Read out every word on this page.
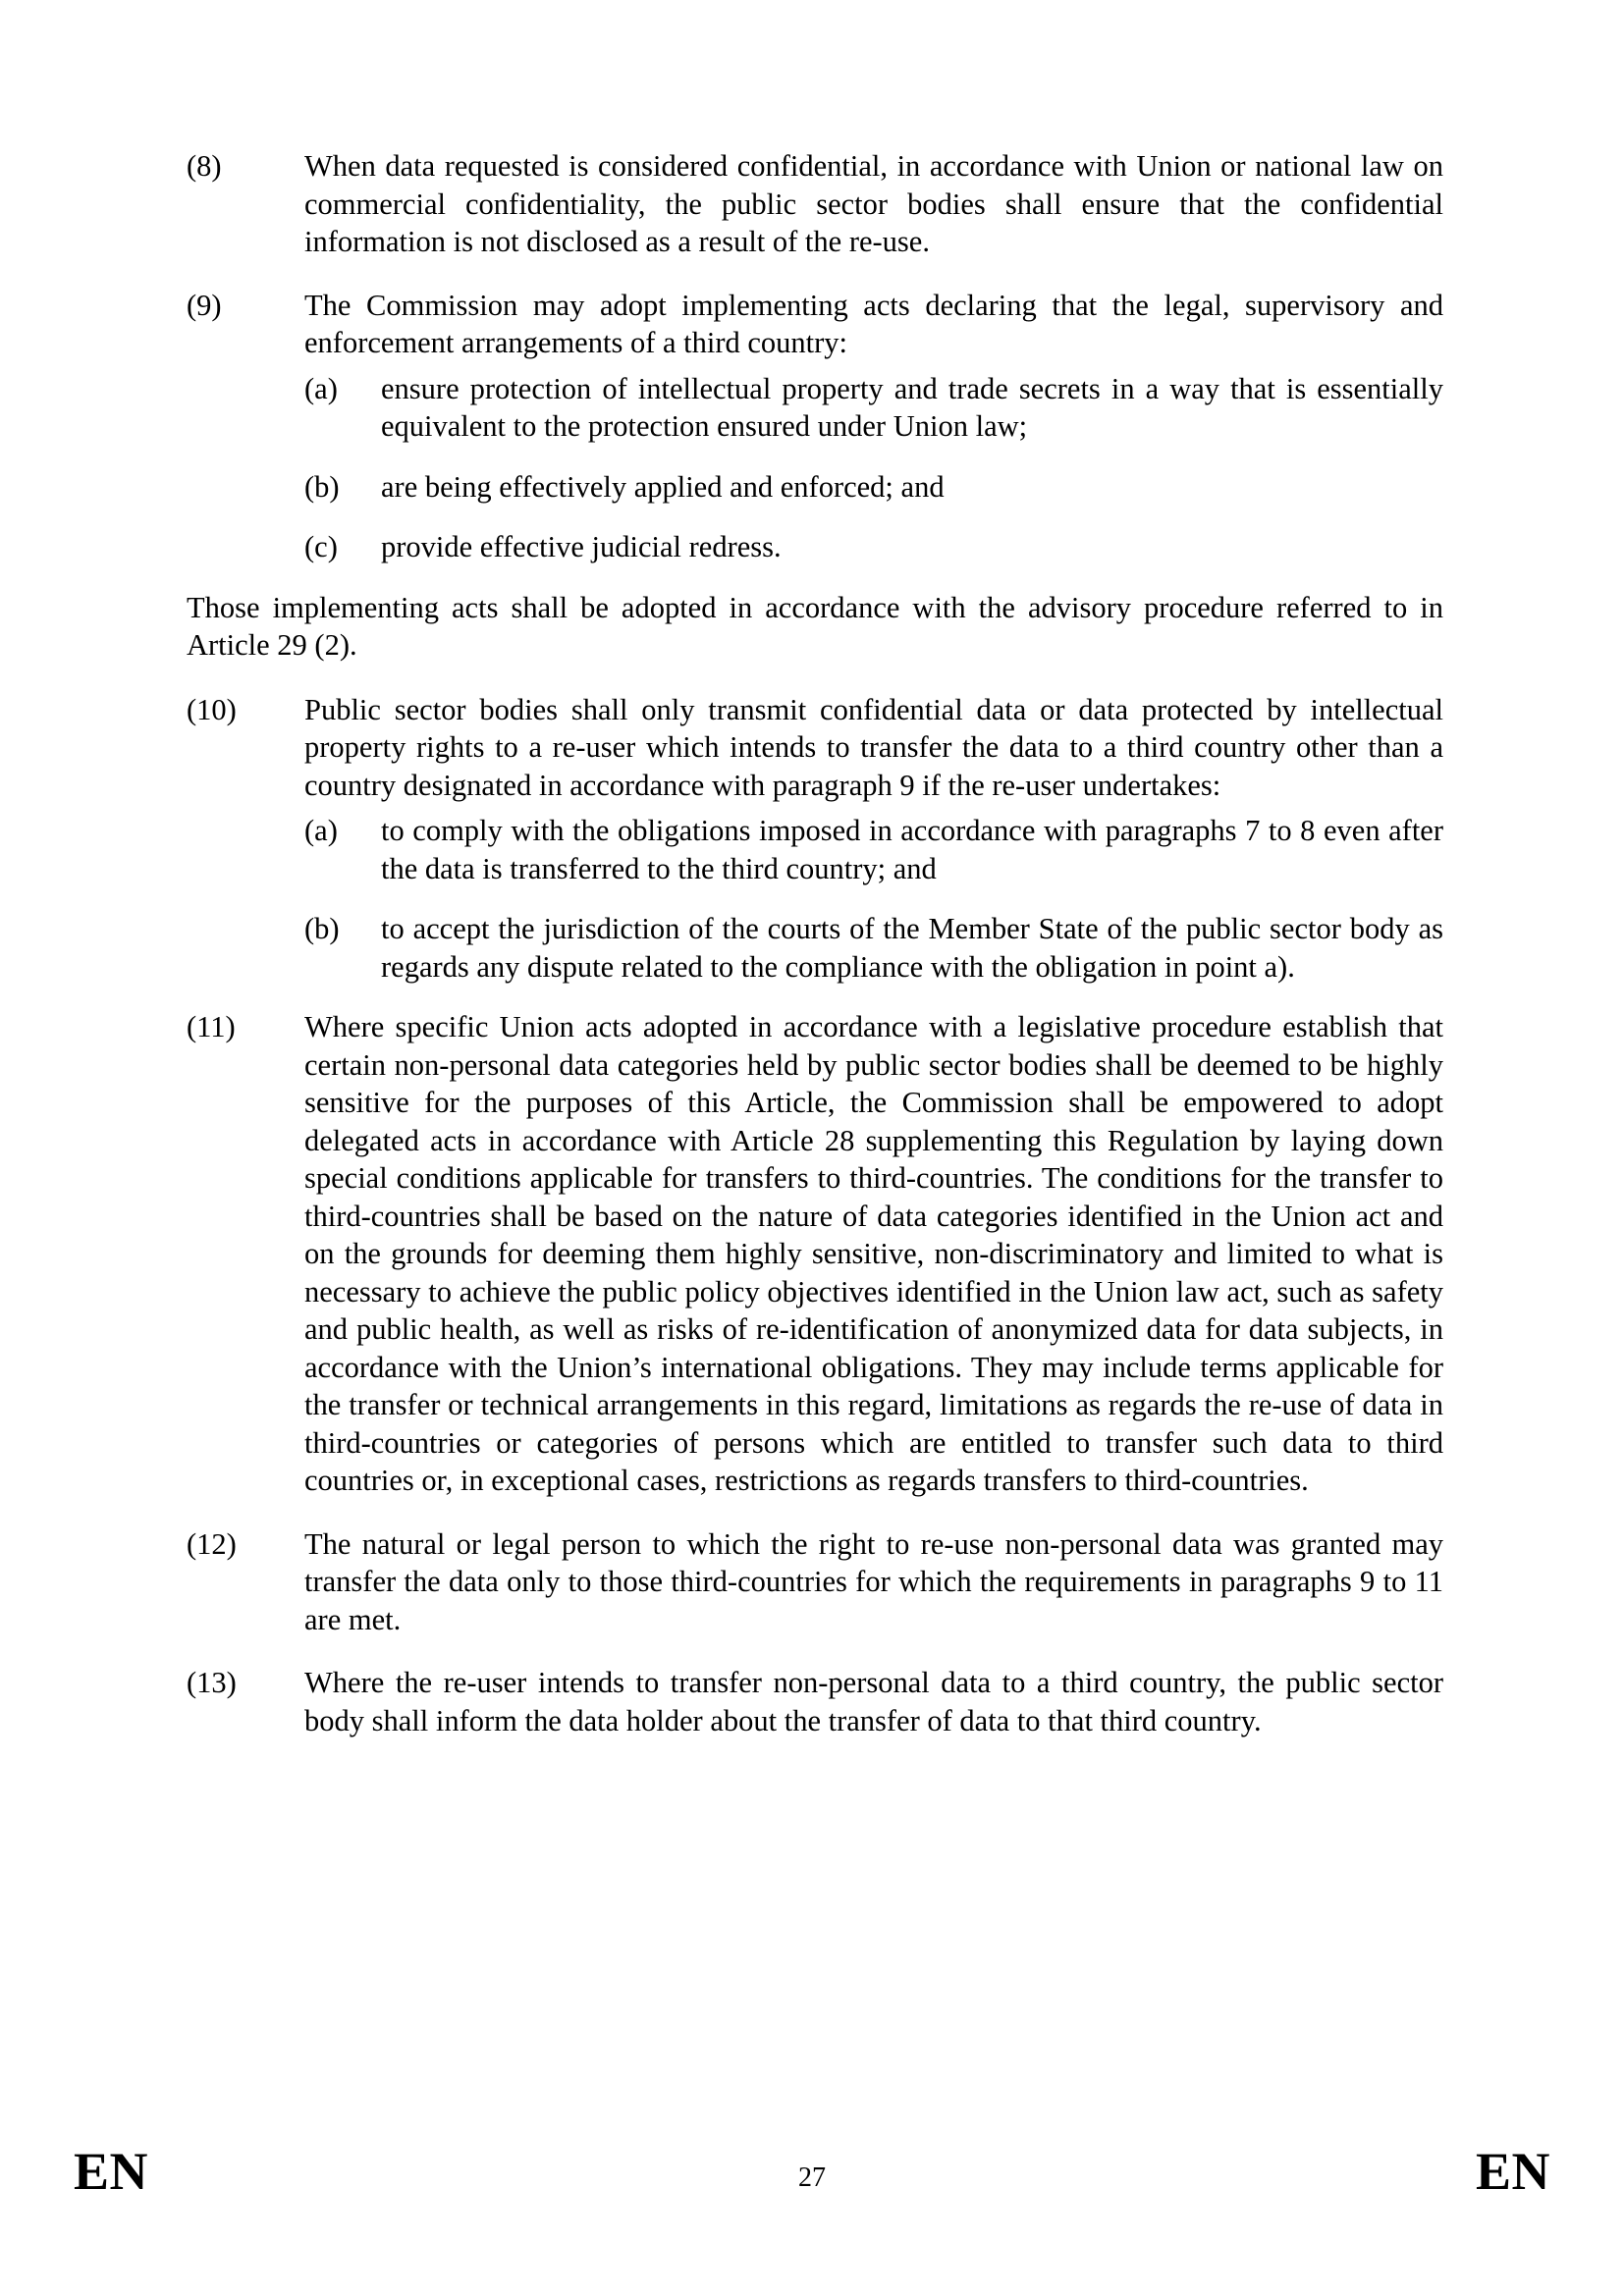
(8)	When data requested is considered confidential, in accordance with Union or national law on commercial confidentiality, the public sector bodies shall ensure that the confidential information is not disclosed as a result of the re-use.
(9)	The Commission may adopt implementing acts declaring that the legal, supervisory and enforcement arrangements of a third country:
(a)	ensure protection of intellectual property and trade secrets in a way that is essentially equivalent to the protection ensured under Union law;
(b)	are being effectively applied and enforced; and
(c)	provide effective judicial redress.
Those implementing acts shall be adopted in accordance with the advisory procedure referred to in Article 29 (2).
(10)	Public sector bodies shall only transmit confidential data or data protected by intellectual property rights to a re-user which intends to transfer the data to a third country other than a country designated in accordance with paragraph 9 if the re-user undertakes:
(a)	to comply with the obligations imposed in accordance with paragraphs 7 to 8 even after the data is transferred to the third country; and
(b)	to accept the jurisdiction of the courts of the Member State of the public sector body as regards any dispute related to the compliance with the obligation in point a).
(11)	Where specific Union acts adopted in accordance with a legislative procedure establish that certain non-personal data categories held by public sector bodies shall be deemed to be highly sensitive for the purposes of this Article, the Commission shall be empowered to adopt delegated acts in accordance with Article 28 supplementing this Regulation by laying down special conditions applicable for transfers to third-countries. The conditions for the transfer to third-countries shall be based on the nature of data categories identified in the Union act and on the grounds for deeming them highly sensitive, non-discriminatory and limited to what is necessary to achieve the public policy objectives identified in the Union law act, such as safety and public health, as well as risks of re-identification of anonymized data for data subjects, in accordance with the Union’s international obligations. They may include terms applicable for the transfer or technical arrangements in this regard, limitations as regards the re-use of data in third-countries or categories of persons which are entitled to transfer such data to third countries or, in exceptional cases, restrictions as regards transfers to third-countries.
(12)	The natural or legal person to which the right to re-use non-personal data was granted may transfer the data only to those third-countries for which the requirements in paragraphs 9 to 11 are met.
(13)	Where the re-user intends to transfer non-personal data to a third country, the public sector body shall inform the data holder about the transfer of data to that third country.
EN	27	EN
